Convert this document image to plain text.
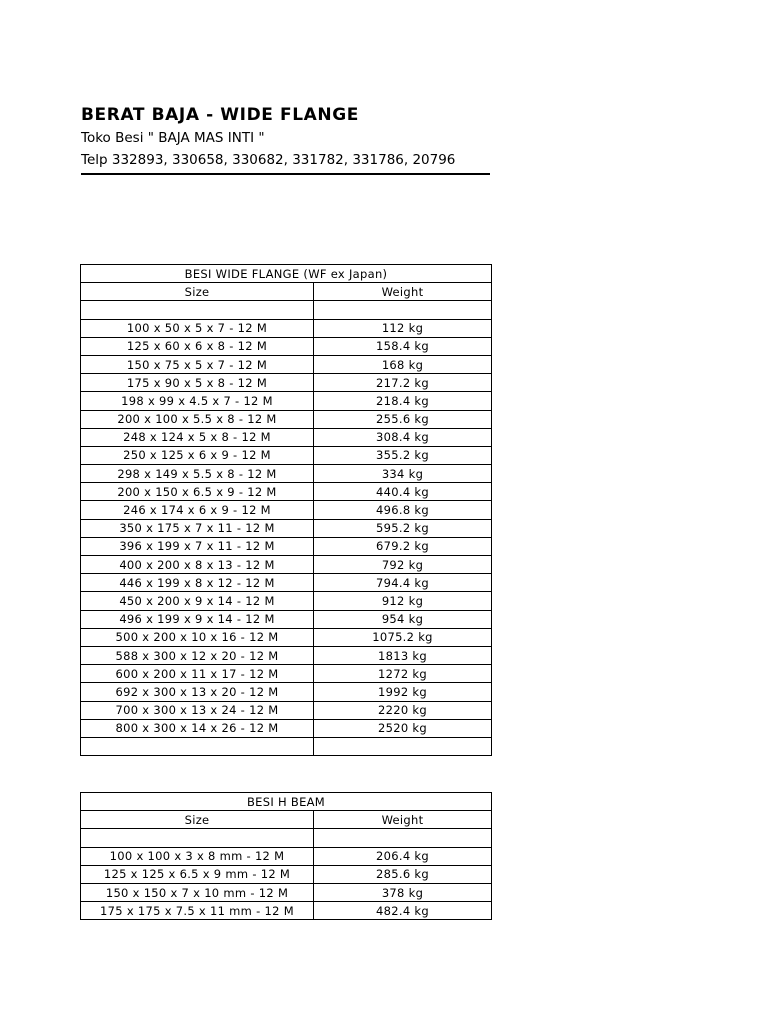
BERAT BAJA - WIDE FLANGE

Toko Besi " BAJA MAS INTI "

Telp 332893, 330658, 330682, 331782, 331786, 20796

BESI WIDE FLANGE (WF ex Japan)	
Size	Weight

100 x 50 x 5 x 7 - 12 M	112 kg
125 x 60 x 6 x 8 - 12 M	158.4 kg
150 x 75 x 5 x 7 - 12 M	168 kg
175 x 90 x 5 x 8 - 12 M	217.2 kg
198 x 99 x 4.5 x 7 - 12 M	218.4 kg
200 x 100 x 5.5 x 8 - 12 M	255.6 kg
248 x 124 x 5 x 8 - 12 M	308.4 kg
250 x 125 x 6 x 9 - 12 M	355.2 kg
298 x 149 x 5.5 x 8 - 12 M	334 kg
200 x 150 x 6.5 x 9 - 12 M	440.4 kg
246 x 174 x 6 x 9 - 12 M	496.8 kg
350 x 175 x 7 x 11 - 12 M	595.2 kg
396 x 199 x 7 x 11 - 12 M	679.2 kg
400 x 200 x 8 x 13 - 12 M	792 kg
446 x 199 x 8 x 12 - 12 M	794.4 kg
450 x 200 x 9 x 14 - 12 M	912 kg
496 x 199 x 9 x 14 - 12 M	954 kg
500 x 200 x 10 x 16 - 12 M	1075.2 kg
588 x 300 x 12 x 20 - 12 M	1813 kg
600 x 200 x 11 x 17 - 12 M	1272 kg
692 x 300 x 13 x 20 - 12 M	1992 kg
700 x 300 x 13 x 24 - 12 M	2220 kg
800 x 300 x 14 x 26 - 12 M	2520 kg

BESI H BEAM	
Size	Weight

100 x 100 x 3 x 8 mm - 12 M	206.4 kg
125 x 125 x 6.5 x 9 mm - 12 M	285.6 kg
150 x 150 x 7 x 10 mm - 12 M	378 kg
175 x 175 x 7.5 x 11 mm - 12 M	482.4 kg
